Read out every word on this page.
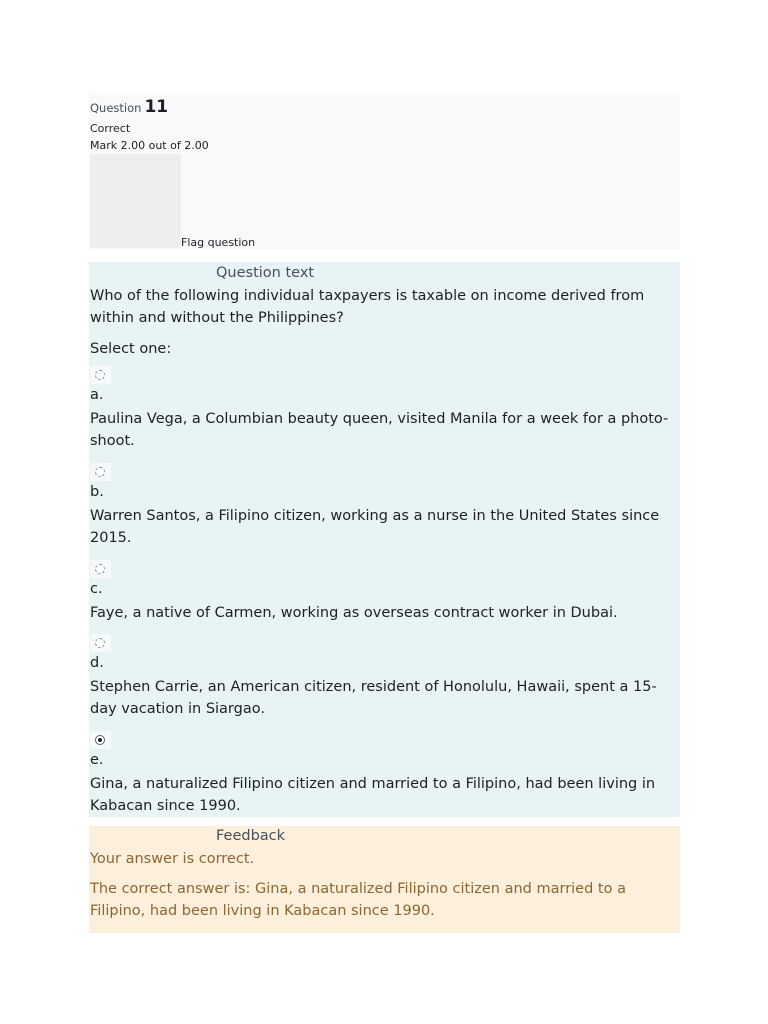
Question 11
Correct
Mark 2.00 out of 2.00
Flag question
Question text
Who of the following individual taxpayers is taxable on income derived from within and without the Philippines?
Select one:
a.
Paulina Vega, a Columbian beauty queen, visited Manila for a week for a photo-shoot.
b.
Warren Santos, a Filipino citizen, working as a nurse in the United States since 2015.
c.
Faye, a native of Carmen, working as overseas contract worker in Dubai.
d.
Stephen Carrie, an American citizen, resident of Honolulu, Hawaii, spent a 15-day vacation in Siargao.
e.
Gina, a naturalized Filipino citizen and married to a Filipino, had been living in Kabacan since 1990.
Feedback
Your answer is correct.
The correct answer is: Gina, a naturalized Filipino citizen and married to a Filipino, had been living in Kabacan since 1990.
